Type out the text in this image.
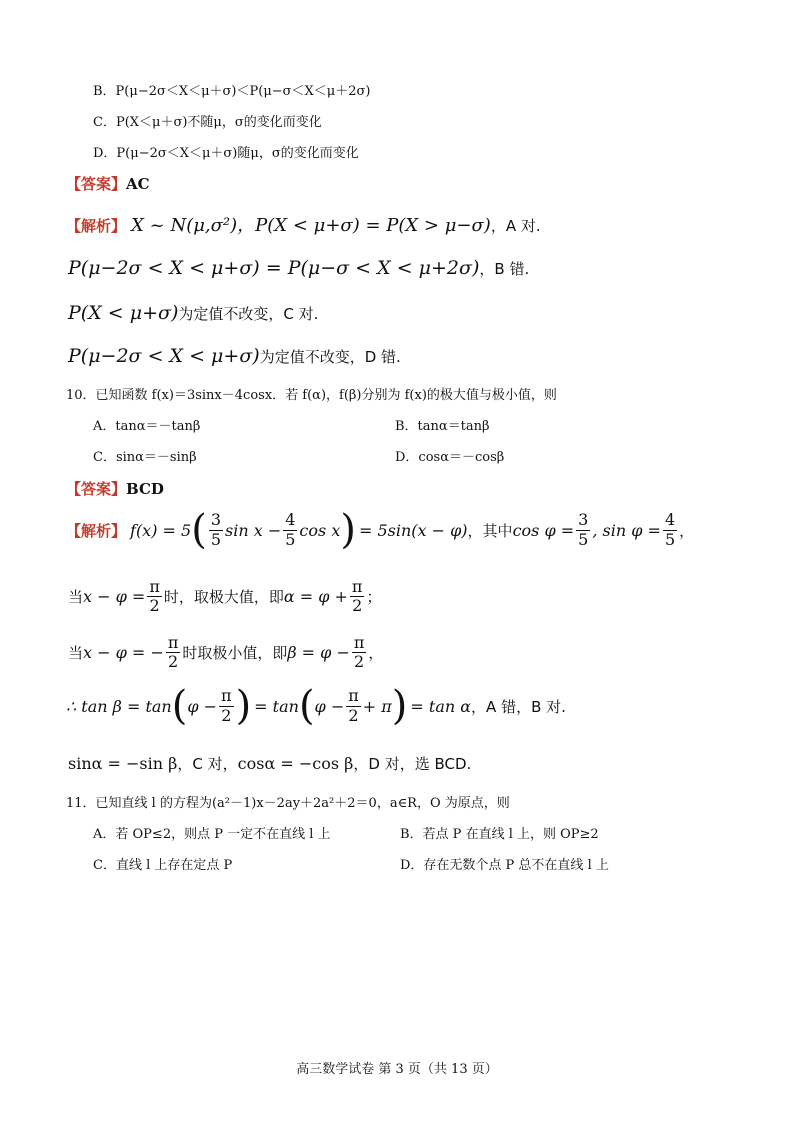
B．P(μ−2σ＜X＜μ＋σ)＜P(μ−σ＜X＜μ＋2σ)
C．P(X＜μ＋σ)不随μ，σ的变化而变化
D．P(μ−2σ＜X＜μ＋σ)随μ，σ的变化而变化
【答案】AC
【解析】 X ~ N(μ,σ²)，P(X < μ+σ) = P(X > μ−σ)，A 对.
P(μ−2σ < X < μ+σ) = P(μ−σ < X < μ+2σ)，B 错.
P(X < μ+σ)为定值不改变，C 对.
P(μ−2σ < X < μ+σ)为定值不改变，D 错.
10．已知函数 f(x)＝3sinx－4cosx．若 f(α)，f(β)分别为 f(x)的极大值与极小值，则
A．tanα＝－tanβ	B．tanα＝tanβ
C．sinα＝－sinβ	D．cosα＝－cosβ
【答案】BCD
【解析】 f(x) = 5 ( $\frac{3}{5}$ $\sin x - \frac{4}{5}$ cos x ) = 5sin(x − φ) ，其中 $\cos \varphi = \frac{3}{5}$ , $\sin \varphi = \frac{4}{5}$ ，
当 $x - \varphi = \frac{\pi}{2}$ 时，取极大值，即 $\alpha = \varphi + \frac{\pi}{2}$ ；
当 x − φ = − $\frac{\pi}{2}$ 时取极小值，即 $\beta = \varphi - \frac{\pi}{2}$ ，
∴ tan β = tan ( $\varphi - \frac{\pi}{2}$ ) = tan ( $\varphi - \frac{\pi}{2} + \pi$ ) = tan α ，A 错，B 对.
sinα = −sin β，C 对，cosα = −cos β，D 对，选 BCD.
11．已知直线 l 的方程为(a²－1)x－2ay＋2a²＋2＝0，a∈R，O 为原点，则
A．若 OP≤2，则点 P 一定不在直线 l 上	B．若点 P 在直线 l 上，则 OP≥2
C．直线 l 上存在定点 P	D．存在无数个点 P 总不在直线 l 上
高三数学试卷 第 3 页（共 13 页）
